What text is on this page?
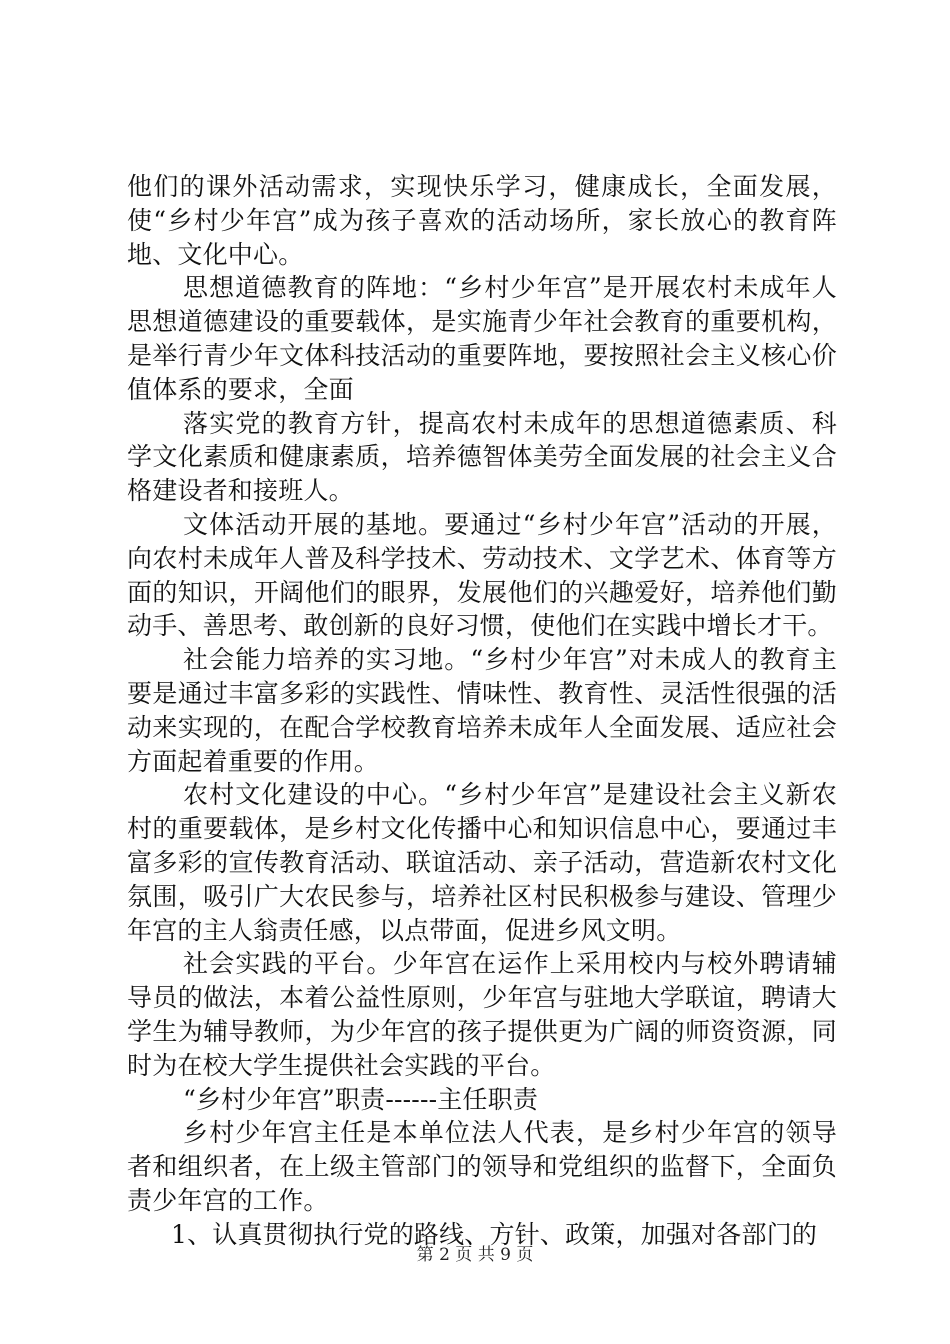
他们的课外活动需求，实现快乐学习，健康成长，全面发展，使“乡村少年宫”成为孩子喜欢的活动场所，家长放心的教育阵地、文化中心。

思想道德教育的阵地：“乡村少年宫”是开展农村未成年人思想道德建设的重要载体，是实施青少年社会教育的重要机构，是举行青少年文体科技活动的重要阵地，要按照社会主义核心价值体系的要求，全面

落实党的教育方针，提高农村未成年的思想道德素质、科学文化素质和健康素质，培养德智体美劳全面发展的社会主义合格建设者和接班人。

文体活动开展的基地。要通过“乡村少年宫”活动的开展，向农村未成年人普及科学技术、劳动技术、文学艺术、体育等方面的知识，开阔他们的眼界，发展他们的兴趣爱好，培养他们勤动手、善思考、敢创新的良好习惯，使他们在实践中增长才干。

社会能力培养的实习地。“乡村少年宫”对未成人的教育主要是通过丰富多彩的实践性、情味性、教育性、灵活性很强的活动来实现的，在配合学校教育培养未成年人全面发展、适应社会方面起着重要的作用。

农村文化建设的中心。“乡村少年宫”是建设社会主义新农村的重要载体，是乡村文化传播中心和知识信息中心，要通过丰富多彩的宣传教育活动、联谊活动、亲子活动，营造新农村文化氛围，吸引广大农民参与，培养社区村民积极参与建设、管理少年宫的主人翁责任感，以点带面，促进乡风文明。

社会实践的平台。少年宫在运作上采用校内与校外聘请辅导员的做法，本着公益性原则，少年宫与驻地大学联谊，聘请大学生为辅导教师，为少年宫的孩子提供更为广阔的师资资源，同时为在校大学生提供社会实践的平台。

“乡村少年宫”职责------主任职责

乡村少年宫主任是本单位法人代表，是乡村少年宫的领导者和组织者，在上级主管部门的领导和党组织的监督下，全面负责少年宫的工作。

1、认真贯彻执行党的路线、方针、政策，加强对各部门的

第 2 页 共 9 页
